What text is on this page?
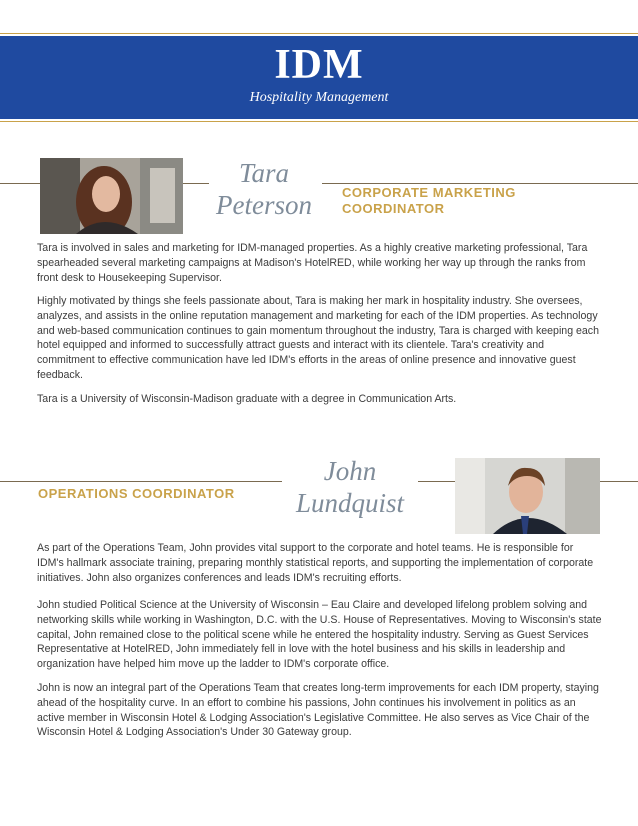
IDM
Hospitality Management
Tara
Peterson	CORPORATE MARKETING
COORDINATOR

Tara is involved in sales and marketing for IDM-managed properties. As a highly creative marketing professional, Tara spearheaded several marketing campaigns at Madison's HotelRED, while working her way up through the ranks from front desk to Housekeeping Supervisor.

Highly motivated by things she feels passionate about, Tara is making her mark in hospitality industry. She oversees, analyzes, and assists in the online reputation management and marketing for each of the IDM properties. As technology and web-based communication continues to gain momentum throughout the industry, Tara is charged with keeping each hotel equipped and informed to successfully attract guests and interact with its clientele. Tara's creativity and commitment to effective communication have led IDM's efforts in the areas of online presence and innovative guest feedback.

Tara is a University of Wisconsin-Madison graduate with a degree in Communication Arts.

OPERATIONS COORDINATOR
John
Lundquist

As part of the Operations Team, John provides vital support to the corporate and hotel teams. He is responsible for IDM's hallmark associate training, preparing monthly statistical reports, and supporting the implementation of corporate initiatives. John also organizes conferences and leads IDM's recruiting efforts.

John studied Political Science at the University of Wisconsin – Eau Claire and developed lifelong problem solving and networking skills while working in Washington, D.C. with the U.S. House of Representatives. Moving to Wisconsin's state capital, John remained close to the political scene while he entered the hospitality industry. Serving as Guest Services Representative at HotelRED, John immediately fell in love with the hotel business and his skills in leadership and organization have helped him move up the ladder to IDM's corporate office.

John is now an integral part of the Operations Team that creates long-term improvements for each IDM property, staying ahead of the hospitality curve. In an effort to combine his passions, John continues his involvement in politics as an active member in Wisconsin Hotel & Lodging Association's Legislative Committee. He also serves as Vice Chair of the Wisconsin Hotel & Lodging Association's Under 30 Gateway group.
